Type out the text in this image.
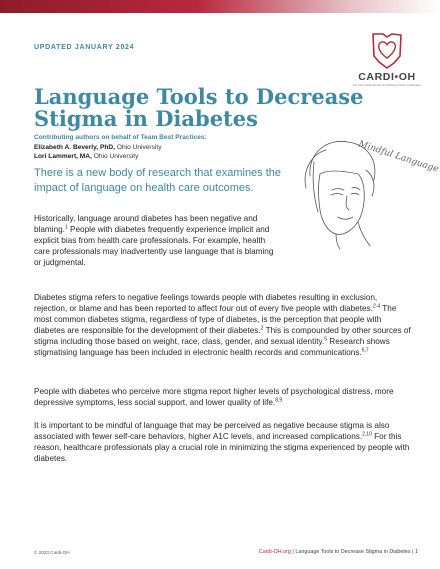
UPDATED JANUARY 2024
CARDI•OH
The Ohio Cardiovascular and Diabetes Health Collaborative
Language Tools to Decrease Stigma in Diabetes
Contributing authors on behalf of Team Best Practices:
Elizabeth A. Beverly, PhD, Ohio University
Lori Lammert, MA, Ohio University
There is a new body of research that examines the impact of language on health care outcomes.
Mindful Language
Historically, language around diabetes has been negative and blaming.$^1$ People with diabetes frequently experience implicit and explicit bias from health care professionals. For example, health care professionals may inadvertently use language that is blaming or judgmental.
Diabetes stigma refers to negative feelings towards people with diabetes resulting in exclusion, rejection, or blame and has been reported to affect four out of every five people with diabetes.$^{2-4}$ The most common diabetes stigma, regardless of type of diabetes, is the perception that people with diabetes are responsible for the development of their diabetes.$^2$ This is compounded by other sources of stigma including those based on weight, race, class, gender, and sexual identity.$^5$ Research shows stigmatising language has been included in electronic health records and communications.$^{6,7}$
People with diabetes who perceive more stigma report higher levels of psychological distress, more depressive symptoms, less social support, and lower quality of life.$^{8,9}$
It is important to be mindful of language that may be perceived as negative because stigma is also associated with fewer self-care behaviors, higher A1C levels, and increased complications.$^{2,10}$ For this reason, healthcare professionals play a crucial role in minimizing the stigma experienced by people with diabetes.
© 2023 Cardi-OH	Cardi-OH.org | Language Tools to Decrease Stigma in Diabetes | 1
